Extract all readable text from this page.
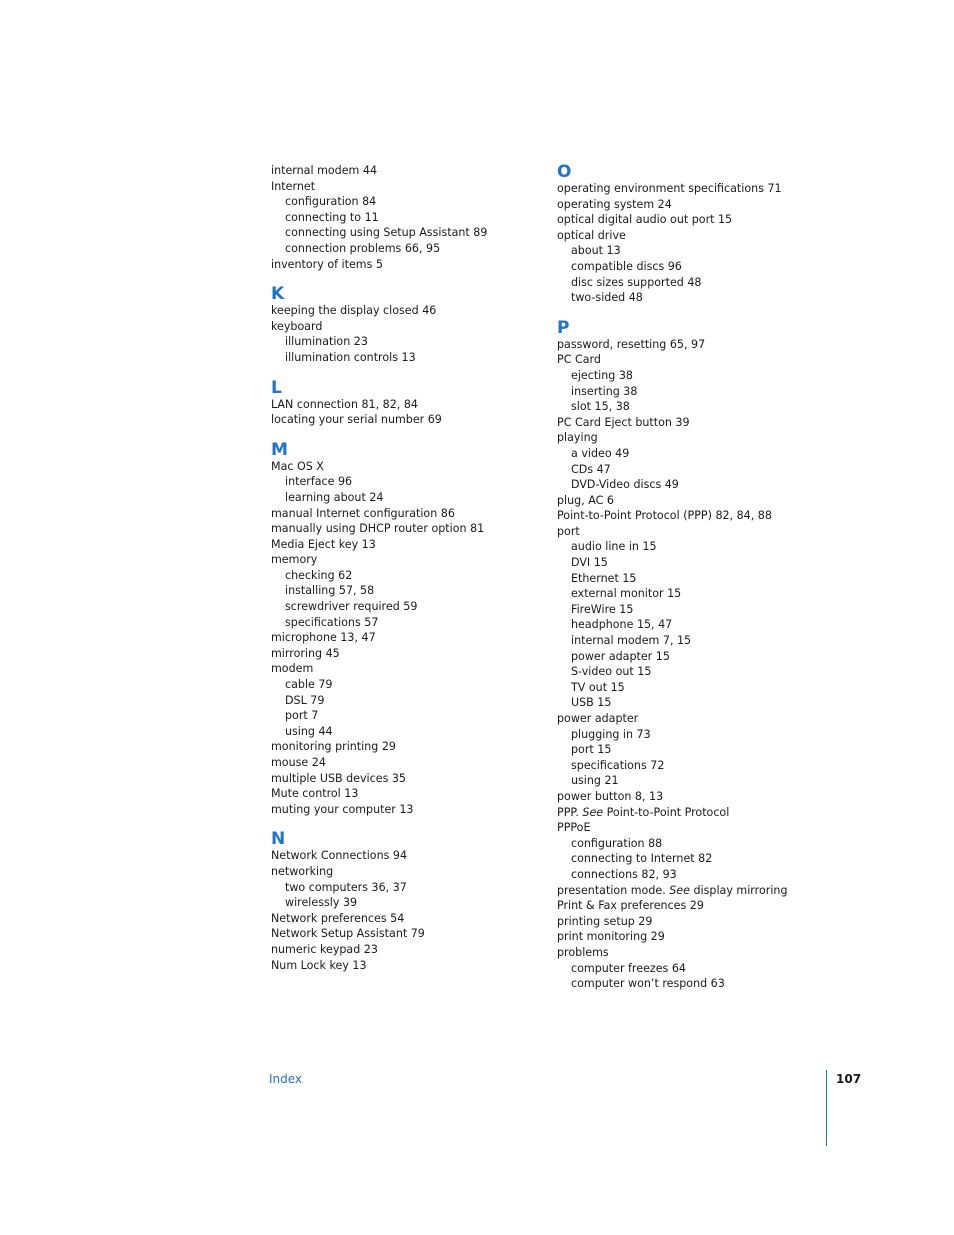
internal modem 44
Internet
configuration 84
connecting to 11
connecting using Setup Assistant 89
connection problems 66, 95
inventory of items 5
K
keeping the display closed 46
keyboard
illumination 23
illumination controls 13
L
LAN connection 81, 82, 84
locating your serial number 69
M
Mac OS X
interface 96
learning about 24
manual Internet configuration 86
manually using DHCP router option 81
Media Eject key 13
memory
checking 62
installing 57, 58
screwdriver required 59
specifications 57
microphone 13, 47
mirroring 45
modem
cable 79
DSL 79
port 7
using 44
monitoring printing 29
mouse 24
multiple USB devices 35
Mute control 13
muting your computer 13
N
Network Connections 94
networking
two computers 36, 37
wirelessly 39
Network preferences 54
Network Setup Assistant 79
numeric keypad 23
Num Lock key 13
O
operating environment specifications 71
operating system 24
optical digital audio out port 15
optical drive
about 13
compatible discs 96
disc sizes supported 48
two-sided 48
P
password, resetting 65, 97
PC Card
ejecting 38
inserting 38
slot 15, 38
PC Card Eject button 39
playing
a video 49
CDs 47
DVD-Video discs 49
plug, AC 6
Point-to-Point Protocol (PPP) 82, 84, 88
port
audio line in 15
DVI 15
Ethernet 15
external monitor 15
FireWire 15
headphone 15, 47
internal modem 7, 15
power adapter 15
S-video out 15
TV out 15
USB 15
power adapter
plugging in 73
port 15
specifications 72
using 21
power button 8, 13
PPP. See Point-to-Point Protocol
PPPoE
configuration 88
connecting to Internet 82
connections 82, 93
presentation mode. See display mirroring
Print & Fax preferences 29
printing setup 29
print monitoring 29
problems
computer freezes 64
computer won’t respond 63
Index	107
